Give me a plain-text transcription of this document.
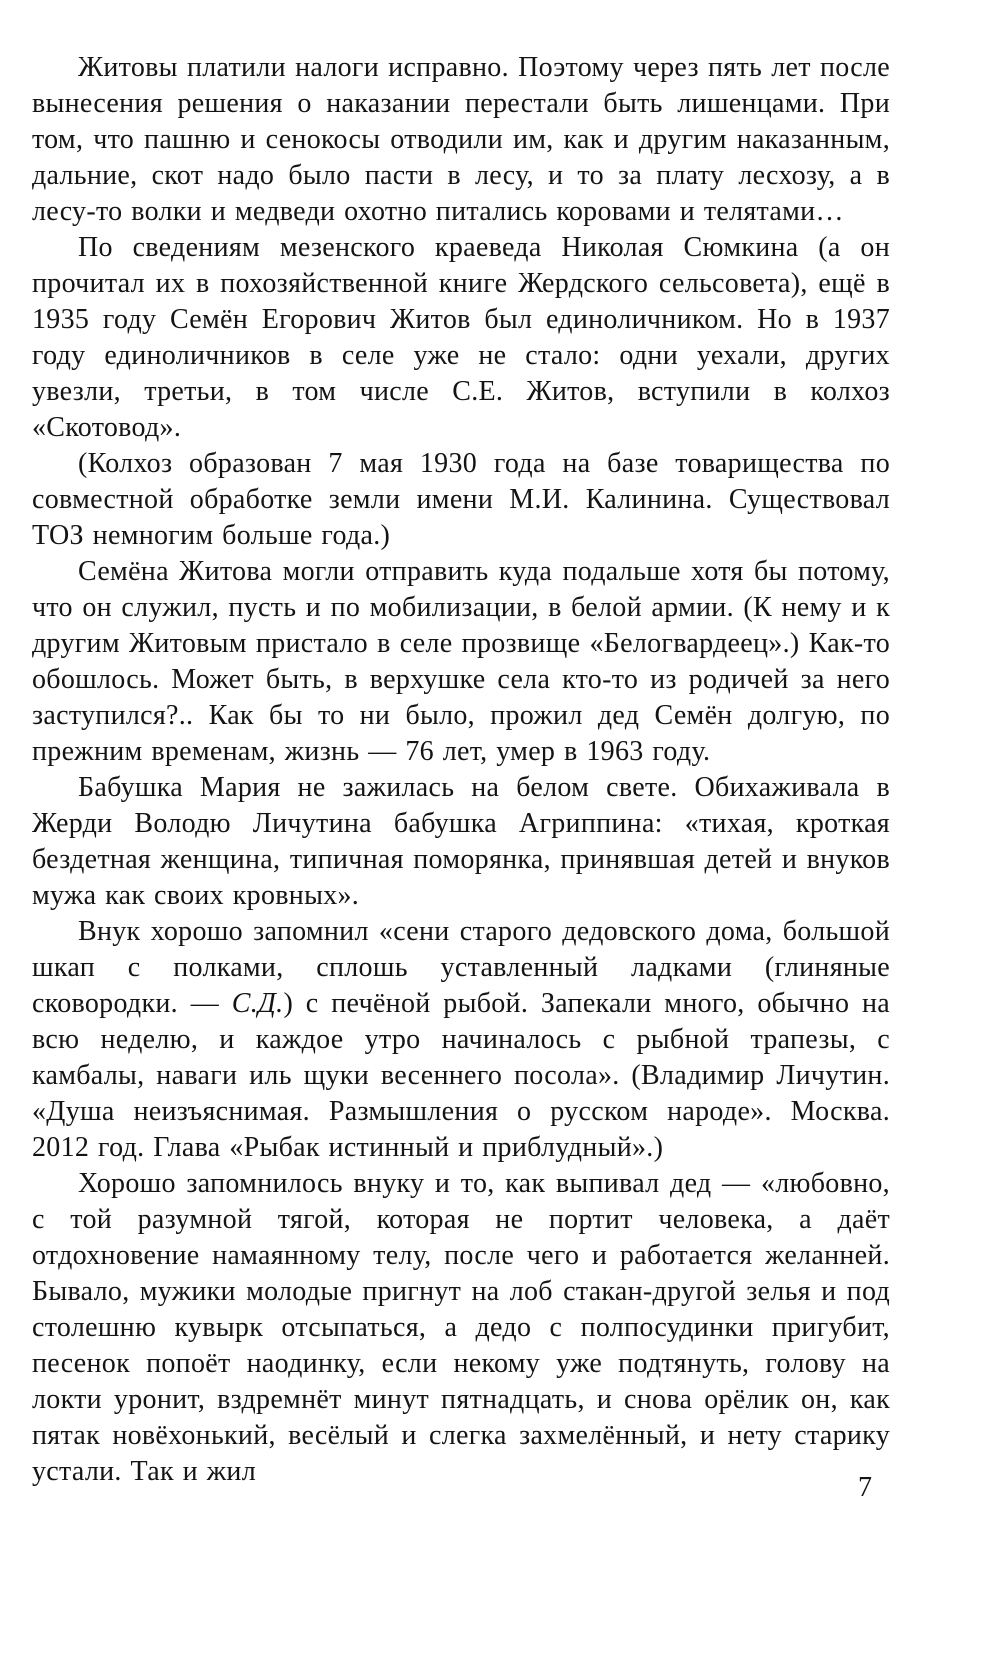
Житовы платили налоги исправно. Поэтому через пять лет после вынесения решения о наказании перестали быть лишенцами. При том, что пашню и сенокосы отводили им, как и другим наказанным, дальние, скот надо было пасти в лесу, и то за плату лесхозу, а в лесу-то волки и медведи охотно питались коровами и телятами…

По сведениям мезенского краеведа Николая Сюмкина (а он прочитал их в похозяйственной книге Жердского сельсовета), ещё в 1935 году Семён Егорович Житов был единоличником. Но в 1937 году единоличников в селе уже не стало: одни уехали, других увезли, третьи, в том числе С.Е. Житов, вступили в колхоз «Скотовод».

(Колхоз образован 7 мая 1930 года на базе товарищества по совместной обработке земли имени М.И. Калинина. Существовал ТОЗ немногим больше года.)

Семёна Житова могли отправить куда подальше хотя бы потому, что он служил, пусть и по мобилизации, в белой армии. (К нему и к другим Житовым пристало в селе прозвище «Белогвардеец».) Как-то обошлось. Может быть, в верхушке села кто-то из родичей за него заступился?.. Как бы то ни было, прожил дед Семён долгую, по прежним временам, жизнь — 76 лет, умер в 1963 году.

Бабушка Мария не зажилась на белом свете. Обихаживала в Жерди Володю Личутина бабушка Агриппина: «тихая, кроткая бездетная женщина, типичная поморянка, принявшая детей и внуков мужа как своих кровных».

Внук хорошо запомнил «сени старого дедовского дома, большой шкап с полками, сплошь уставленный ладками (глиняные сковородки. — С.Д.) с печёной рыбой. Запекали много, обычно на всю неделю, и каждое утро начиналось с рыбной трапезы, с камбалы, наваги иль щуки весеннего посола». (Владимир Личутин. «Душа неизъяснимая. Размышления о русском народе». Москва. 2012 год. Глава «Рыбак истинный и приблудный».)

Хорошо запомнилось внуку и то, как выпивал дед — «любовно, с той разумной тягой, которая не портит человека, а даёт отдохновение намаянному телу, после чего и работается желанней. Бывало, мужики молодые пригнут на лоб стакан-другой зелья и под столешню кувырк отсыпаться, а дедо с полпосудинки пригубит, песенок попоёт наодинку, если некому уже подтянуть, голову на локти уронит, вздремнёт минут пятнадцать, и снова орёлик он, как пятак новёхонький, весёлый и слегка захмелённый, и нету старику устали. Так и жил

7
